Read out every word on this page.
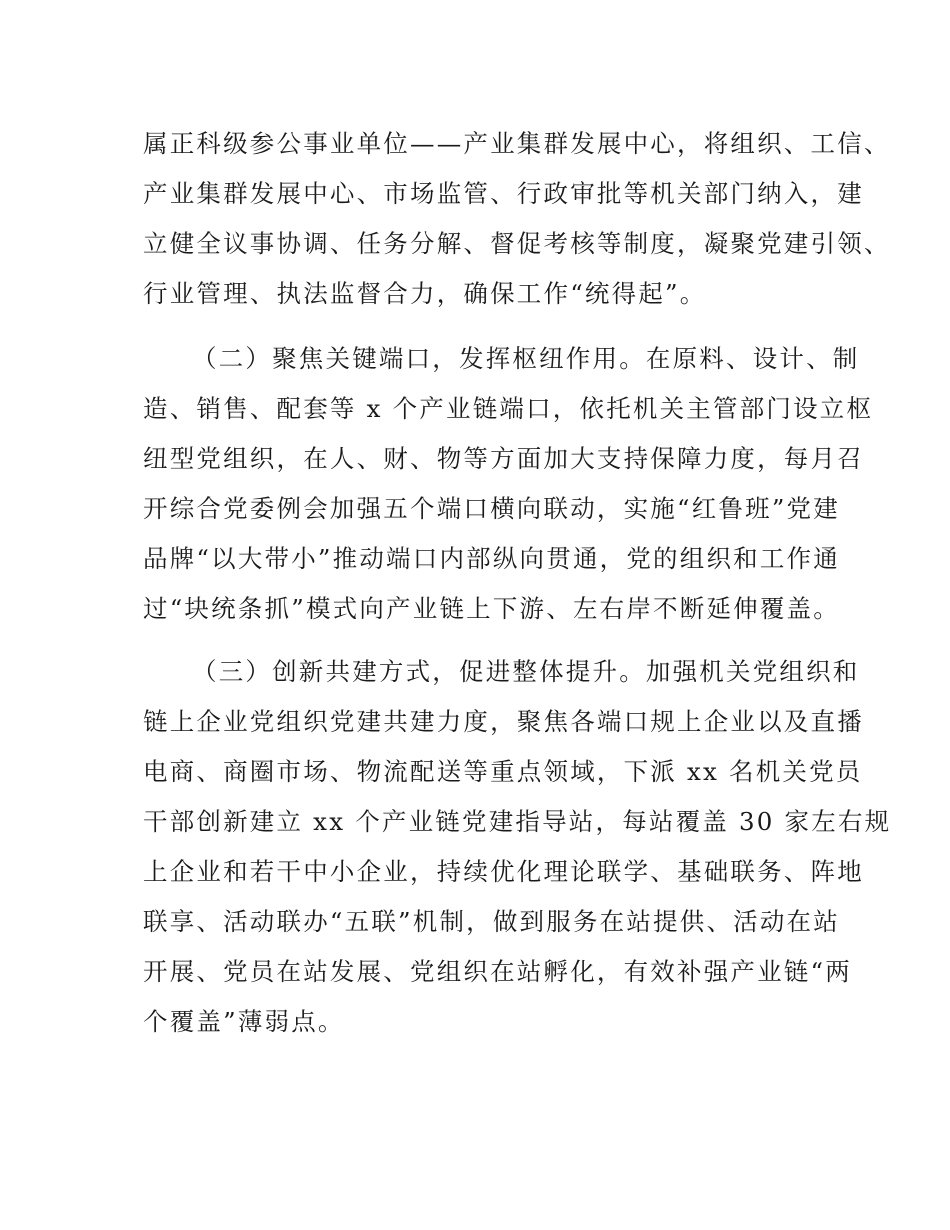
属正科级参公事业单位——产业集群发展中心，将组织、工信、
产业集群发展中心、市场监管、行政审批等机关部门纳入，建
立健全议事协调、任务分解、督促考核等制度，凝聚党建引领、
行业管理、执法监督合力，确保工作“统得起”。
（二）聚焦关键端口，发挥枢纽作用。在原料、设计、制
造、销售、配套等 x 个产业链端口，依托机关主管部门设立枢
纽型党组织，在人、财、物等方面加大支持保障力度，每月召
开综合党委例会加强五个端口横向联动，实施“红鲁班”党建
品牌“以大带小”推动端口内部纵向贯通，党的组织和工作通
过“块统条抓”模式向产业链上下游、左右岸不断延伸覆盖。
（三）创新共建方式，促进整体提升。加强机关党组织和
链上企业党组织党建共建力度，聚焦各端口规上企业以及直播
电商、商圈市场、物流配送等重点领域，下派 xx 名机关党员
干部创新建立 xx 个产业链党建指导站，每站覆盖 30 家左右规
上企业和若干中小企业，持续优化理论联学、基础联务、阵地
联享、活动联办“五联”机制，做到服务在站提供、活动在站
开展、党员在站发展、党组织在站孵化，有效补强产业链“两
个覆盖”薄弱点。
